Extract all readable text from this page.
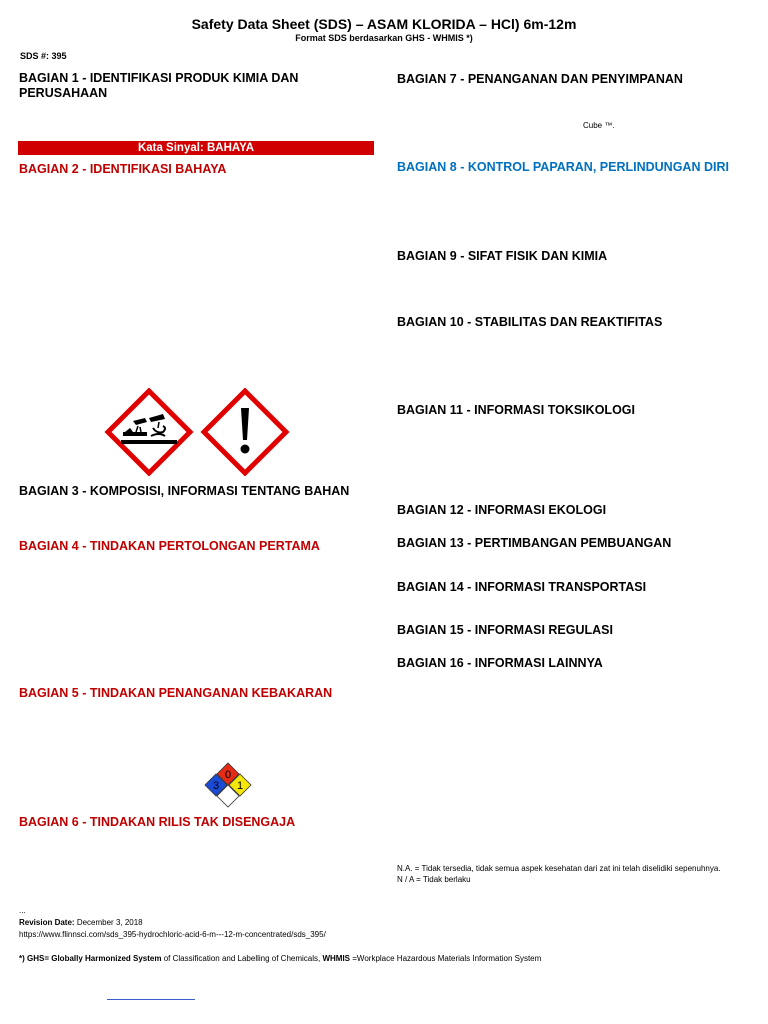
Safety Data Sheet (SDS) – ASAM KLORIDA – HCl) 6m-12m
Format SDS berdasarkan GHS - WHMIS *)
SDS #: 395
BAGIAN 1 - IDENTIFIKASI PRODUK KIMIA DAN
PERUSAHAAN
Kata Sinyal: BAHAYA
BAGIAN 2 - IDENTIFIKASI BAHAYA
BAGIAN 3 - KOMPOSISI, INFORMASI TENTANG BAHAN
BAGIAN 4 - TINDAKAN PERTOLONGAN PERTAMA
BAGIAN 5 - TINDAKAN PENANGANAN KEBAKARAN
0
3 1
BAGIAN 6 - TINDAKAN RILIS TAK DISENGAJA
BAGIAN 7 - PENANGANAN DAN PENYIMPANAN
Cube ™.
BAGIAN 8 - KONTROL PAPARAN, PERLINDUNGAN DIRI
BAGIAN 9 - SIFAT FISIK DAN KIMIA
BAGIAN 10 - STABILITAS DAN REAKTIFITAS
BAGIAN 11 - INFORMASI TOKSIKOLOGI
BAGIAN 12 - INFORMASI EKOLOGI
BAGIAN 13 - PERTIMBANGAN PEMBUANGAN
BAGIAN 14 - INFORMASI TRANSPORTASI
BAGIAN 15 - INFORMASI REGULASI
BAGIAN 16 - INFORMASI LAINNYA
N.A. = Tidak tersedia, tidak semua aspek kesehatan dari zat ini telah diselidiki sepenuhnya.
N / A = Tidak berlaku
...
Revision Date: December 3, 2018
https://www.flinnsci.com/sds_395-hydrochloric-acid-6-m---12-m-concentrated/sds_395/
*) GHS= Globally Harmonized System of Classification and Labelling of Chemicals, WHMIS =Workplace Hazardous Materials Information System
